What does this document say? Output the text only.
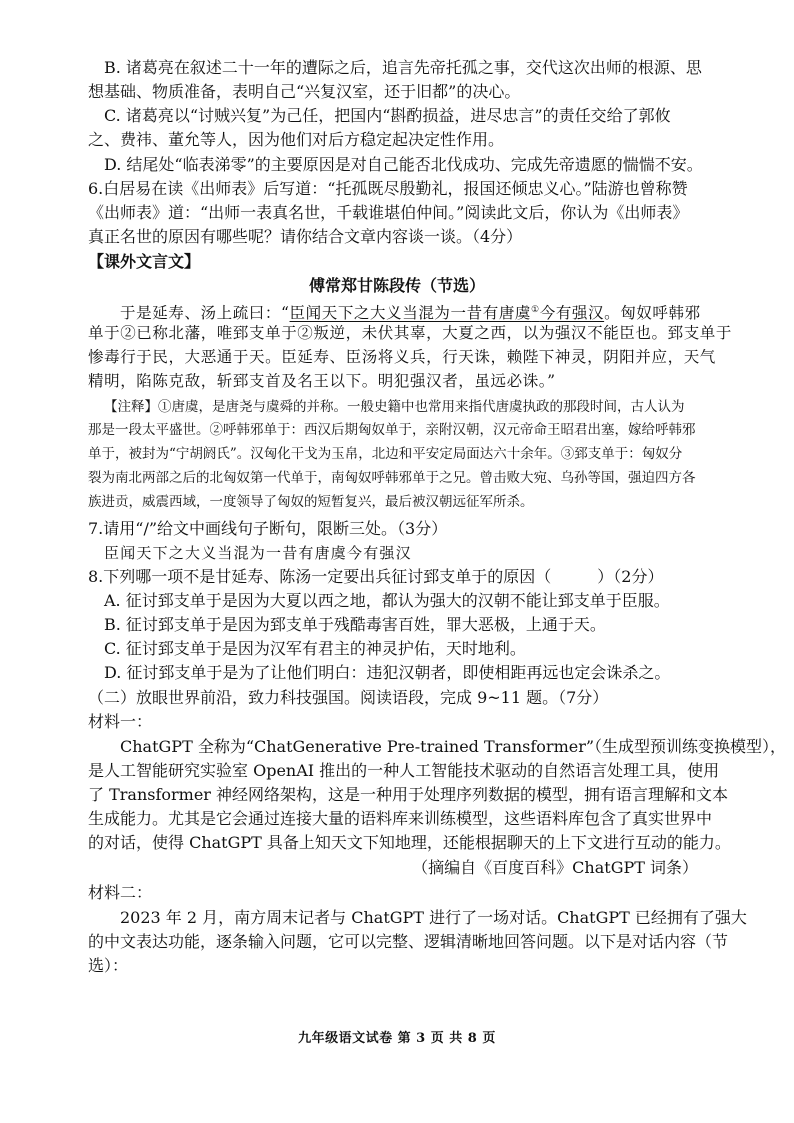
B. 诸葛亮在叙述二十一年的遭际之后，追言先帝托孤之事，交代这次出师的根源、思
想基础、物质准备，表明自己“兴复汉室，还于旧都”的决心。
C. 诸葛亮以“讨贼兴复”为己任，把国内“斟酌损益，进尽忠言”的责任交给了郭攸
之、费祎、董允等人，因为他们对后方稳定起决定性作用。
D. 结尾处“临表涕零”的主要原因是对自己能否北伐成功、完成先帝遗愿的惴惴不安。
6.白居易在读《出师表》后写道：“托孤既尽殷勤礼，报国还倾忠义心。”陆游也曾称赞
《出师表》道：“出师一表真名世，千载谁堪伯仲间。”阅读此文后，你认为《出师表》
真正名世的原因有哪些呢？请你结合文章内容谈一谈。（4分）
【课外文言文】
傅常郑甘陈段传（节选）
于是延寿、汤上疏曰：“臣闻天下之大义当混为一昔有唐虞①今有强汉。匈奴呼韩邪
单于②已称北藩，唯郅支单于②叛逆，未伏其辜，大夏之西，以为强汉不能臣也。郅支单于
惨毒行于民，大恶通于天。臣延寿、臣汤将义兵，行天诛，赖陛下神灵，阴阳并应，天气
精明，陷陈克敌，斩郅支首及名王以下。明犯强汉者，虽远必诛。”
【注释】①唐虞，是唐尧与虞舜的并称。一般史籍中也常用来指代唐虞执政的那段时间，古人认为
那是一段太平盛世。②呼韩邪单于：西汉后期匈奴单于，亲附汉朝，汉元帝命王昭君出塞，嫁给呼韩邪
单于，被封为“宁胡阏氏”。汉匈化干戈为玉帛，北边和平安定局面达六十余年。③郅支单于：匈奴分
裂为南北两部之后的北匈奴第一代单于，南匈奴呼韩邪单于之兄。曾击败大宛、乌孙等国，强迫四方各
族进贡，威震西域，一度领导了匈奴的短暂复兴，最后被汉朝远征军所杀。
7.请用“/”给文中画线句子断句，限断三处。（3分）
臣闻天下之大义当混为一昔有唐虞今有强汉
8.下列哪一项不是甘延寿、陈汤一定要出兵征讨郅支单于的原因（	）（2分）
A. 征讨郅支单于是因为大夏以西之地，都认为强大的汉朝不能让郅支单于臣服。
B. 征讨郅支单于是因为郅支单于残酷毒害百姓，罪大恶极，上通于天。
C. 征讨郅支单于是因为汉军有君主的神灵护佑，天时地利。
D. 征讨郅支单于是为了让他们明白：违犯汉朝者，即使相距再远也定会诛杀之。
（二）放眼世界前沿，致力科技强国。阅读语段，完成 9~11 题。（7分）
材料一：
ChatGPT 全称为“ChatGenerative Pre-trained Transformer”（生成型预训练变换模型），
是人工智能研究实验室 OpenAI 推出的一种人工智能技术驱动的自然语言处理工具，使用
了 Transformer 神经网络架构，这是一种用于处理序列数据的模型，拥有语言理解和文本
生成能力。尤其是它会通过连接大量的语料库来训练模型，这些语料库包含了真实世界中
的对话，使得 ChatGPT 具备上知天文下知地理，还能根据聊天的上下文进行互动的能力。
（摘编自《百度百科》ChatGPT 词条）
材料二：
2023 年 2 月，南方周末记者与 ChatGPT 进行了一场对话。ChatGPT 已经拥有了强大
的中文表达功能，逐条输入问题，它可以完整、逻辑清晰地回答问题。以下是对话内容（节
选）：
九年级语文试卷 第 3 页 共 8 页
